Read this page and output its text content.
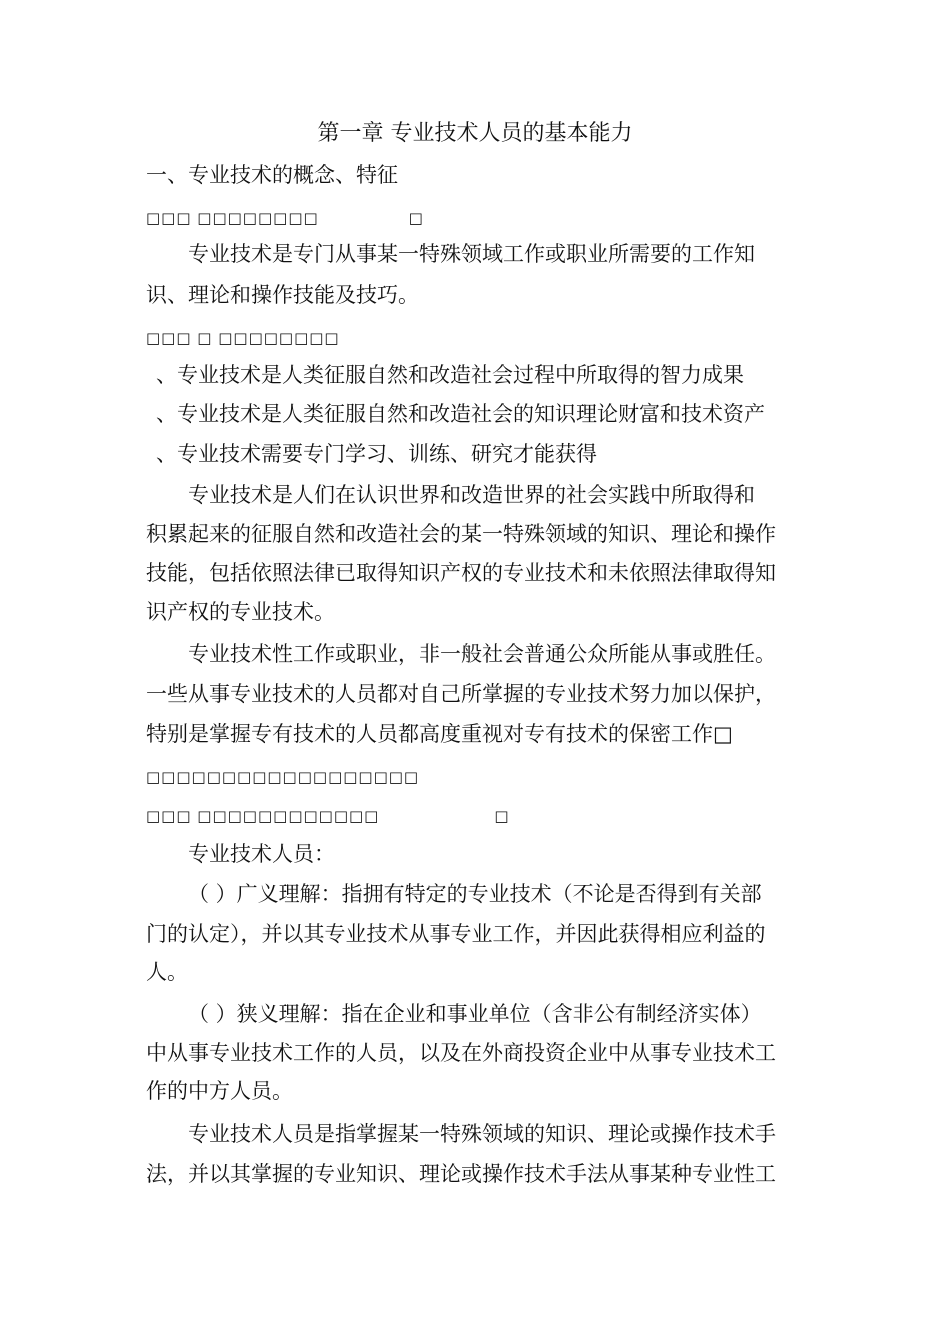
第一章 专业技术人员的基本能力
一、专业技术的概念、特征
□□□ □□□□□□□□	□
专业技术是专门从事某一特殊领域工作或职业所需要的工作知
识、理论和操作技能及技巧。
□□□ □ □□□□□□□□
、专业技术是人类征服自然和改造社会过程中所取得的智力成果
、专业技术是人类征服自然和改造社会的知识理论财富和技术资产
、专业技术需要专门学习、训练、研究才能获得
专业技术是人们在认识世界和改造世界的社会实践中所取得和
积累起来的征服自然和改造社会的某一特殊领域的知识、理论和操作
技能，包括依照法律已取得知识产权的专业技术和未依照法律取得知
识产权的专业技术。
专业技术性工作或职业，非一般社会普通公众所能从事或胜任。
一些从事专业技术的人员都对自己所掌握的专业技术努力加以保护，
特别是掌握专有技术的人员都高度重视对专有技术的保密工作□
□□□□□□□□□□□□□□□□□□
□□□ □□□□□□□□□□□□	□
专业技术人员：
（ ）广义理解：指拥有特定的专业技术（不论是否得到有关部
门的认定），并以其专业技术从事专业工作，并因此获得相应利益的
人。
（ ）狭义理解：指在企业和事业单位（含非公有制经济实体）
中从事专业技术工作的人员，以及在外商投资企业中从事专业技术工
作的中方人员。
专业技术人员是指掌握某一特殊领域的知识、理论或操作技术手
法，并以其掌握的专业知识、理论或操作技术手法从事某种专业性工
